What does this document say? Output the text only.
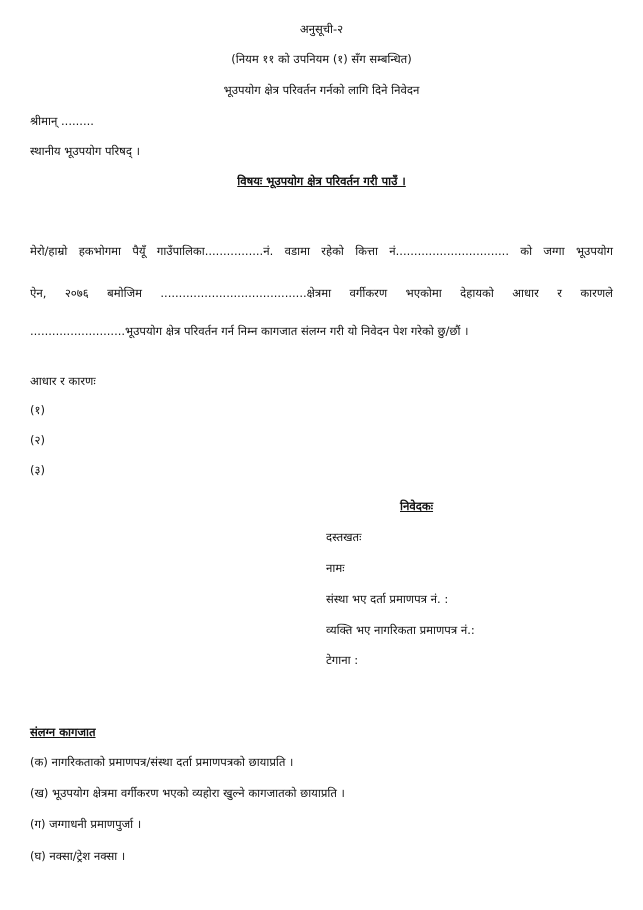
अनुसूची-२
(नियम ११ को उपनियम (१) सँग सम्बन्धित)
भूउपयोग क्षेत्र परिवर्तन गर्नको लागि दिने निवेदन
श्रीमान् .........
स्थानीय भूउपयोग परिषद् ।
विषयः भूउपयोग क्षेत्र परिवर्तन गरी पाउँ ।
मेरो/हाम्रो हकभोगमा पैयूँ गाउँपालिका................नं. वडामा रहेको कित्ता नं............................... को जग्गा भूउपयोग
ऐन, २०७६ बमोजिम ........................................क्षेत्रमा वर्गीकरण भएकोमा देहायको आधार र कारणले
..........................भूउपयोग क्षेत्र परिवर्तन गर्न निम्न कागजात संलग्न गरी यो निवेदन पेश गरेको छु/छौं ।
आधार र कारणः
(१)
(२)
(३)
निवेदकः
दस्तखतः
नामः
संस्था भए दर्ता प्रमाणपत्र नं. :
व्यक्ति भए नागरिकता प्रमाणपत्र नं.:
टेगाना :
संलग्न कागजात
(क) नागरिकताको प्रमाणपत्र/संस्था दर्ता प्रमाणपत्रको छायाप्रति ।
(ख) भूउपयोग क्षेत्रमा वर्गीकरण भएको व्यहोरा खुल्ने कागजातको छायाप्रति ।
(ग) जग्गाधनी प्रमाणपुर्जा ।
(घ) नक्सा/ट्रेश नक्सा ।
